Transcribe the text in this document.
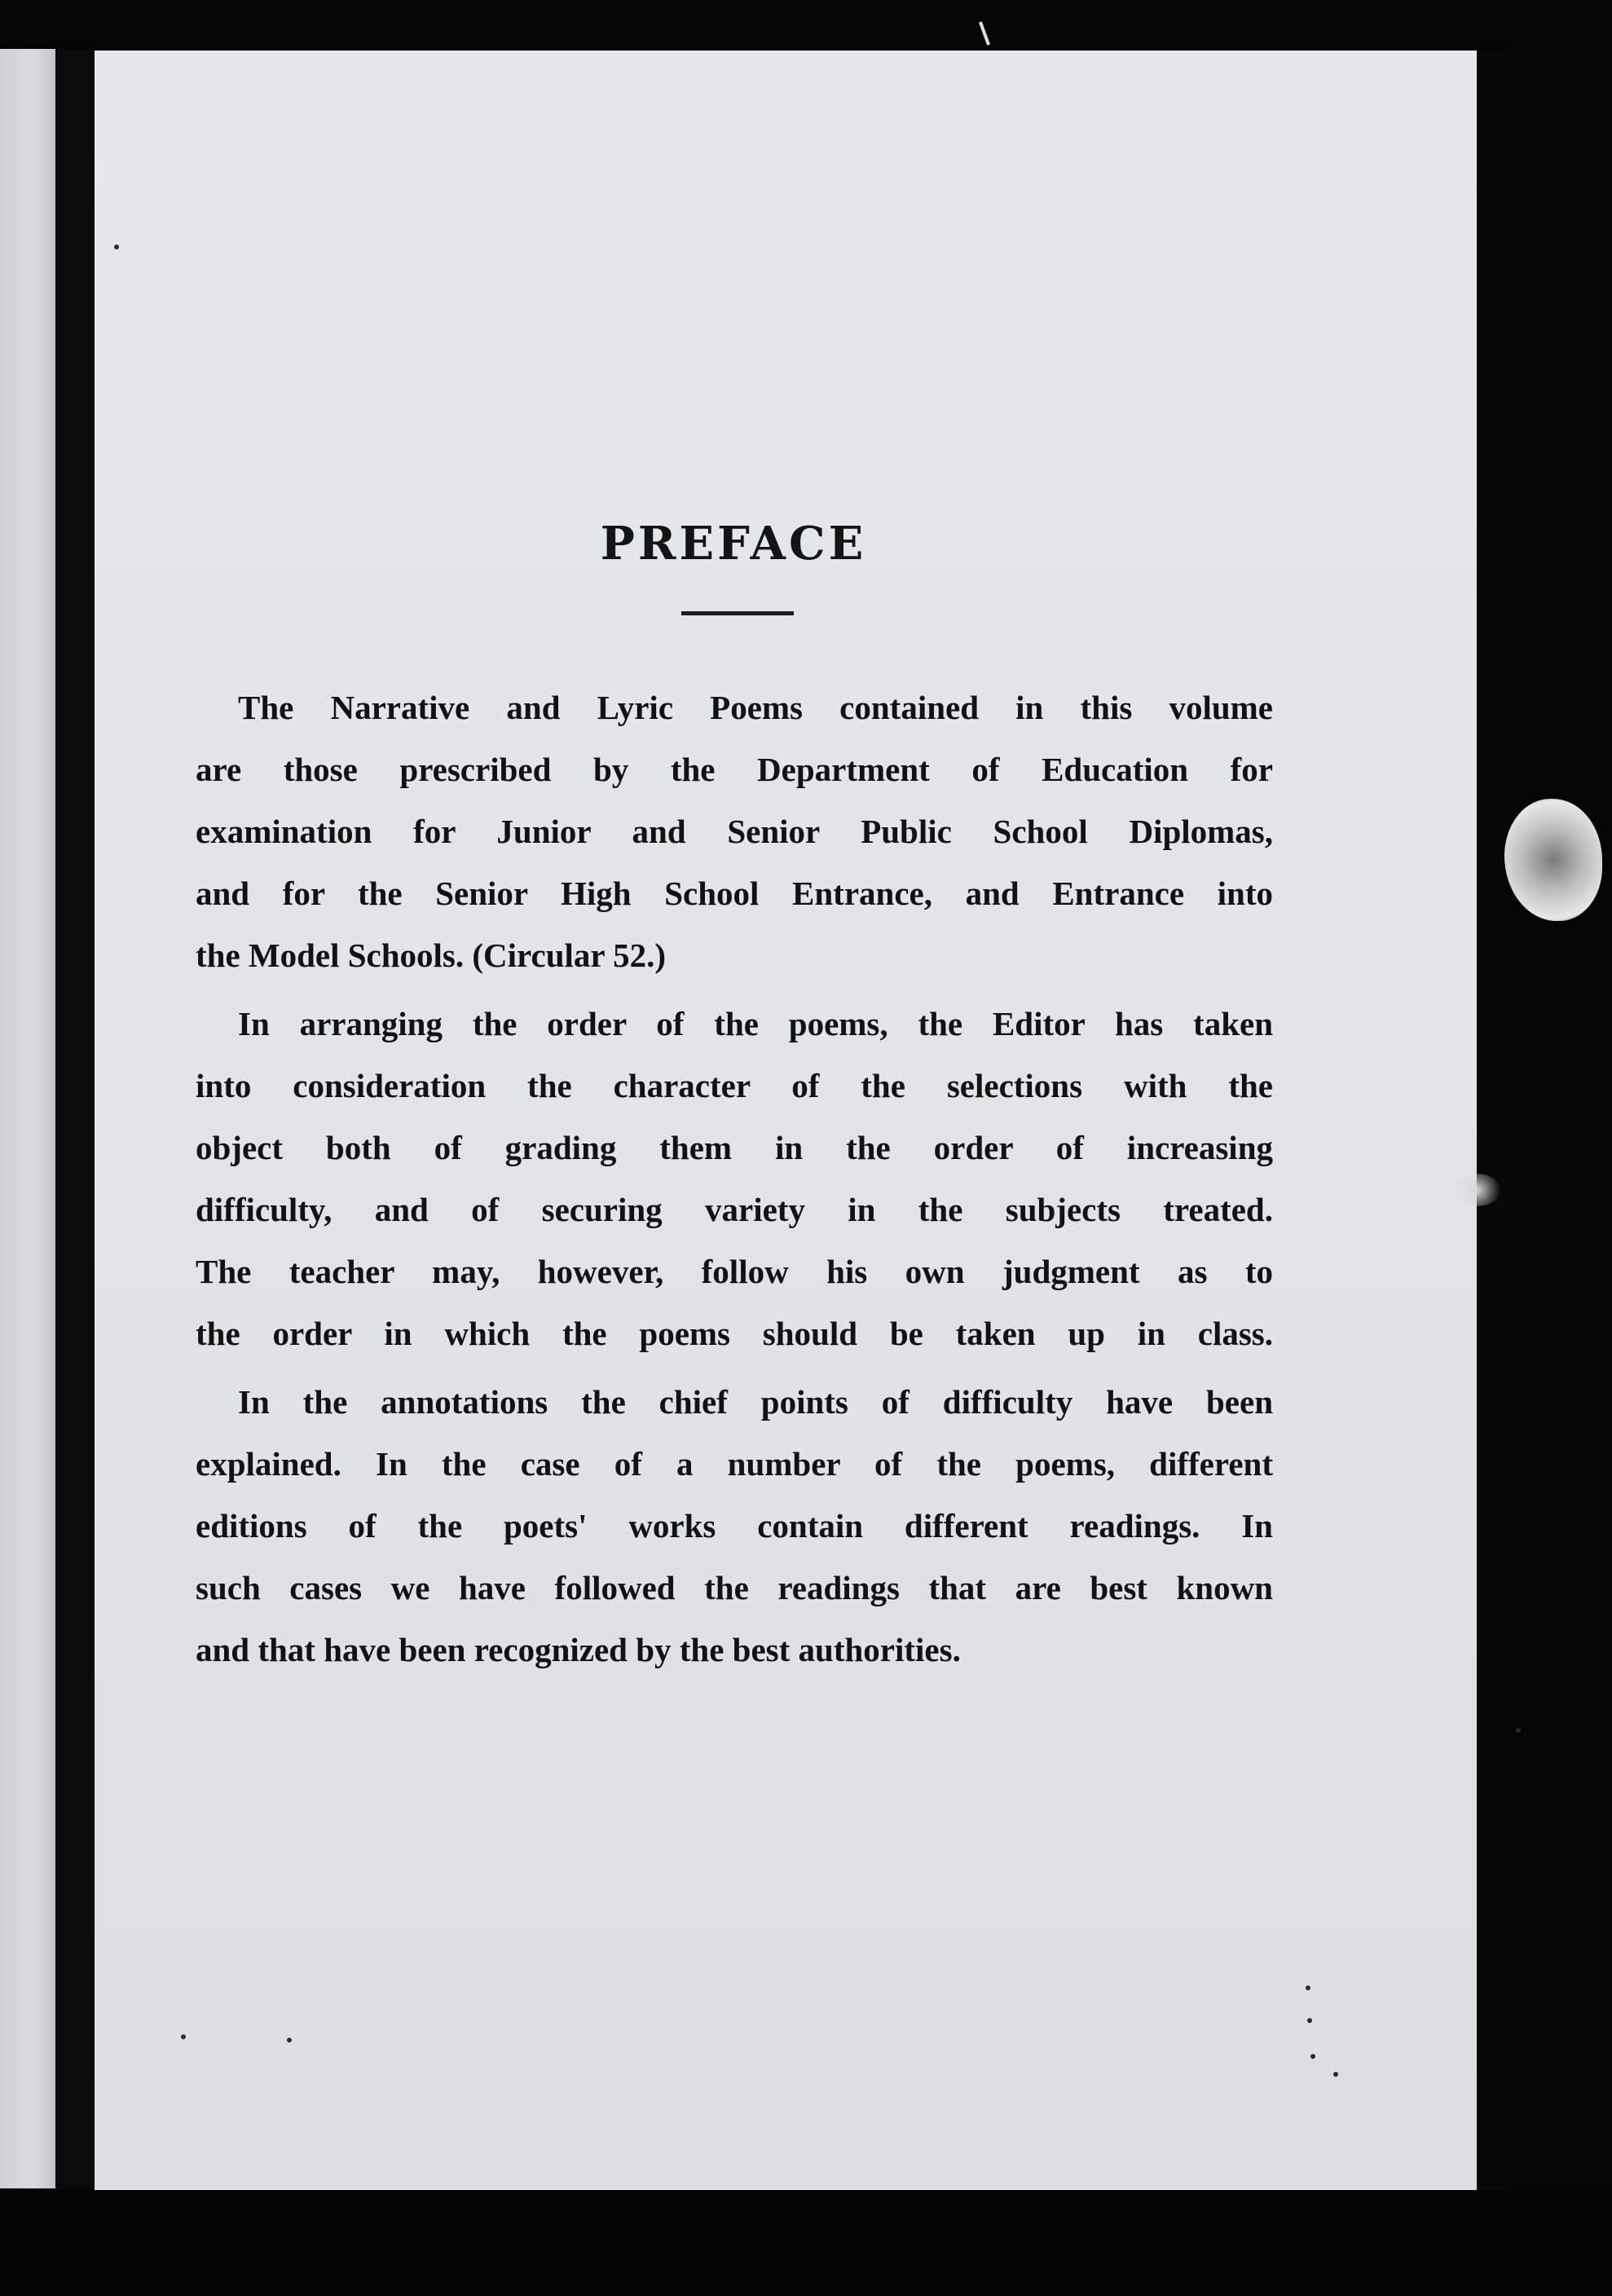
PREFACE
The Narrative and Lyric Poems contained in this volume
are those prescribed by the Department of Education for
examination for Junior and Senior Public School Diplomas,
and for the Senior High School Entrance, and Entrance into
the Model Schools. (Circular 52.)
In arranging the order of the poems, the Editor has taken
into consideration the character of the selections with the
object both of grading them in the order of increasing
difficulty, and of securing variety in the subjects treated.
The teacher may, however, follow his own judgment as to
the order in which the poems should be taken up in class.
In the annotations the chief points of difficulty have been
explained. In the case of a number of the poems, different
editions of the poets' works contain different readings. In
such cases we have followed the readings that are best known
and that have been recognized by the best authorities.
